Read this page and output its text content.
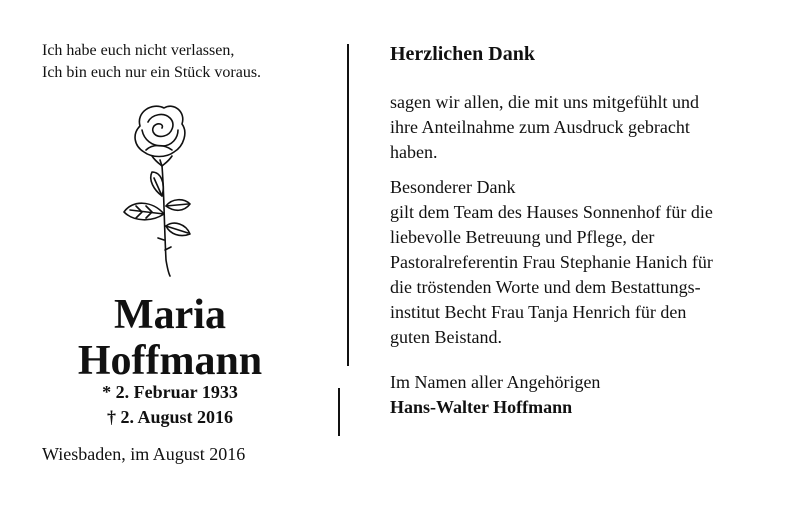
Ich habe euch nicht verlassen,
Ich bin euch nur ein Stück voraus.
Maria
Hoffmann
* 2. Februar 1933
† 2. August 2016
Wiesbaden, im August 2016
Herzlichen Dank
sagen wir allen, die mit uns mitgefühlt und
ihre Anteilnahme zum Ausdruck gebracht
haben.
Besonderer Dank
gilt dem Team des Hauses Sonnenhof für die
liebevolle Betreuung und Pflege, der
Pastoralreferentin Frau Stephanie Hanich für
die tröstenden Worte und dem Bestattungs-
institut Becht Frau Tanja Henrich für den
guten Beistand.
Im Namen aller Angehörigen
Hans-Walter Hoffmann
